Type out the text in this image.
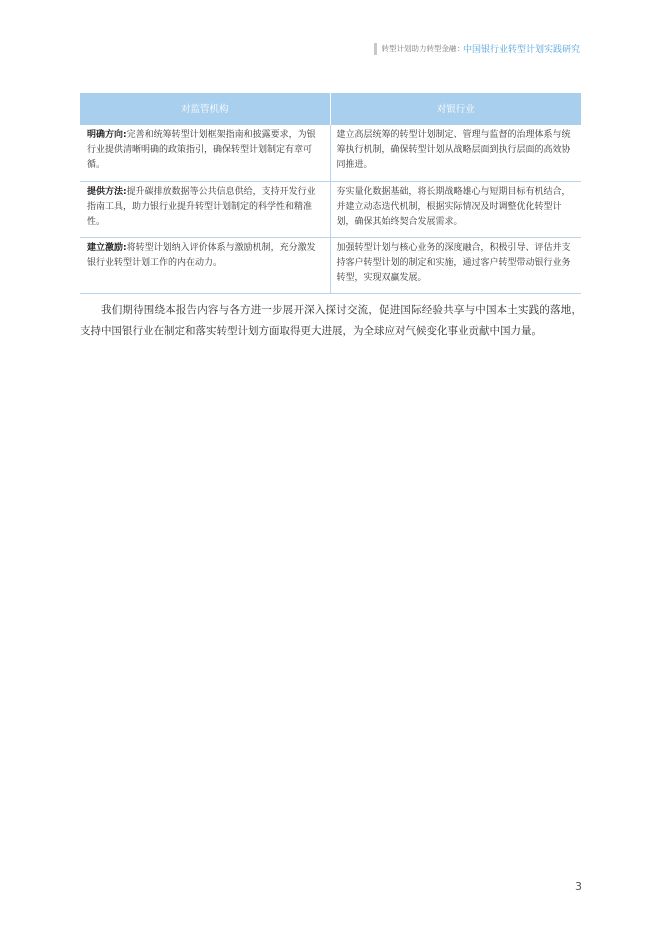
转型计划助力 转型金融 : 中国银行业转型计划实践研究
对监管机构	对银行业
明确方向:完善和统筹转型计划框架指南和披露要求，为银行业提供清晰明确的政策指引，确保转型计划制定有章可循。	建立高层统筹的转型计划制定、管理与监督的治理体系与统筹执行机制，确保转型计划从战略层面到执行层面的高效协同推进。
提供方法:提升碳排放数据等公共信息供给，支持开发行业指南工具，助力银行业提升转型计划制定的科学性和精准性。	夯实量化数据基础，将长期战略雄心与短期目标有机结合，并建立动态迭代机制，根据实际情况及时调整优化转型计划，确保其始终契合发展需求。
建立激励:将转型计划纳入评价体系与激励机制，充分激发银行业转型计划工作的内在动力。	加强转型计划与核心业务的深度融合，积极引导、评估并支持客户转型计划的制定和实施，通过客户转型带动银行业务转型，实现双赢发展。

我们期待围绕本报告内容与各方进一步展开深入探讨交流，促进国际经验共享与中国本土实践的落地，支持中国银行业在制定和落实转型计划方面取得更大进展，为全球应对气候变化事业贡献中国力量。

3
